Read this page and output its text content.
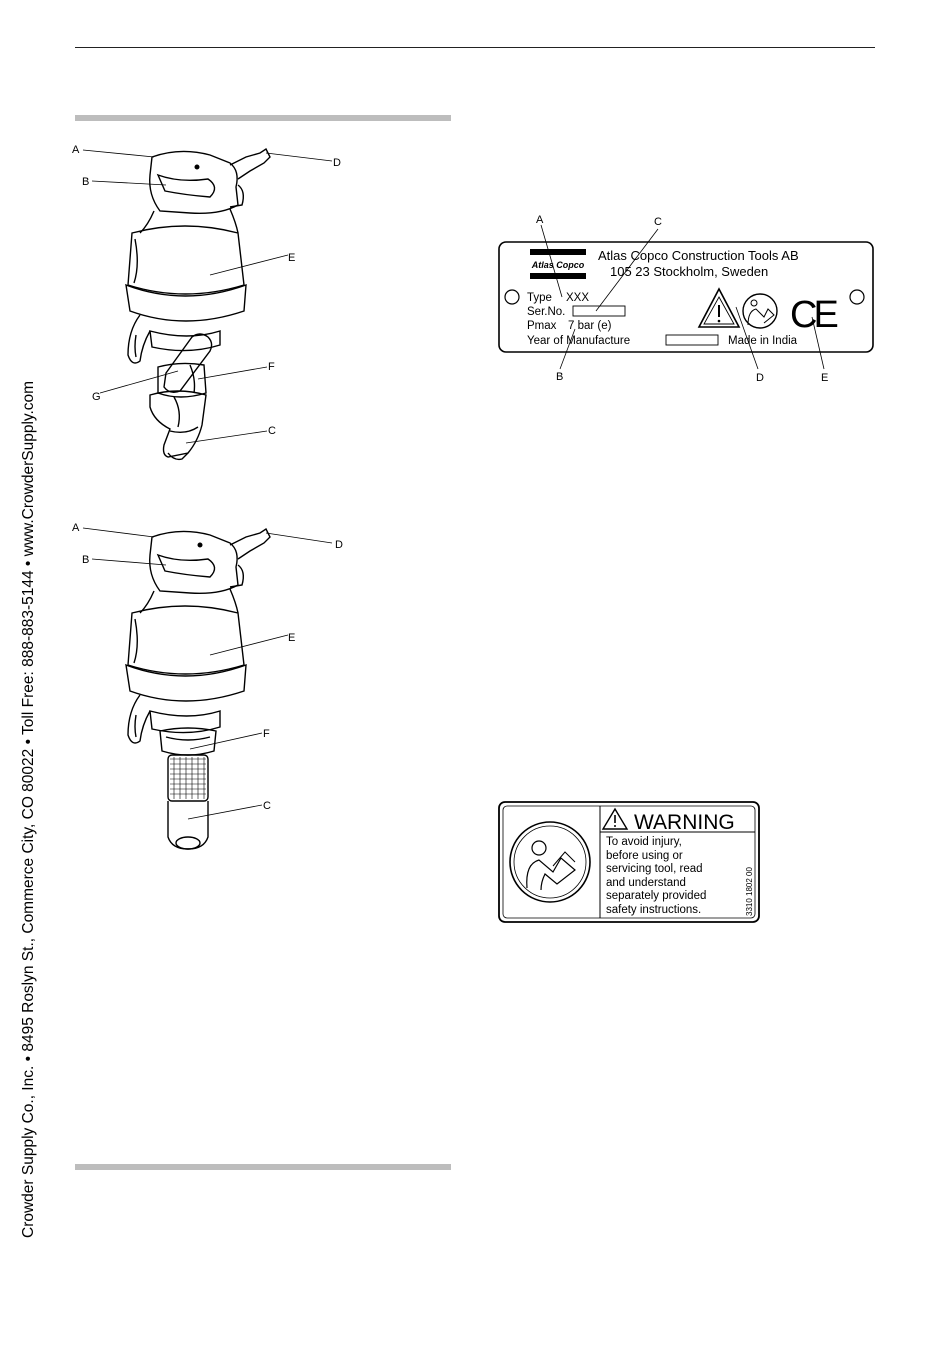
Crowder Supply Co., Inc. • 8495 Roslyn St., Commerce City, CO 80022 • Toll Free: 888-883-5144 • www.CrowderSupply.com
A
B
D
E
F
G
C
A
B
D
E
F
C
Atlas Copco
Atlas Copco Construction Tools AB
105 23 Stockholm, Sweden
Type XXX
Ser.No.
Pmax 7 bar (e)
Year of Manufacture	Made in India
CE
A	C
B	D	E
WARNING
To avoid injury,
before using or
servicing tool, read
and understand
separately provided
safety instructions.	3310 1802 00
